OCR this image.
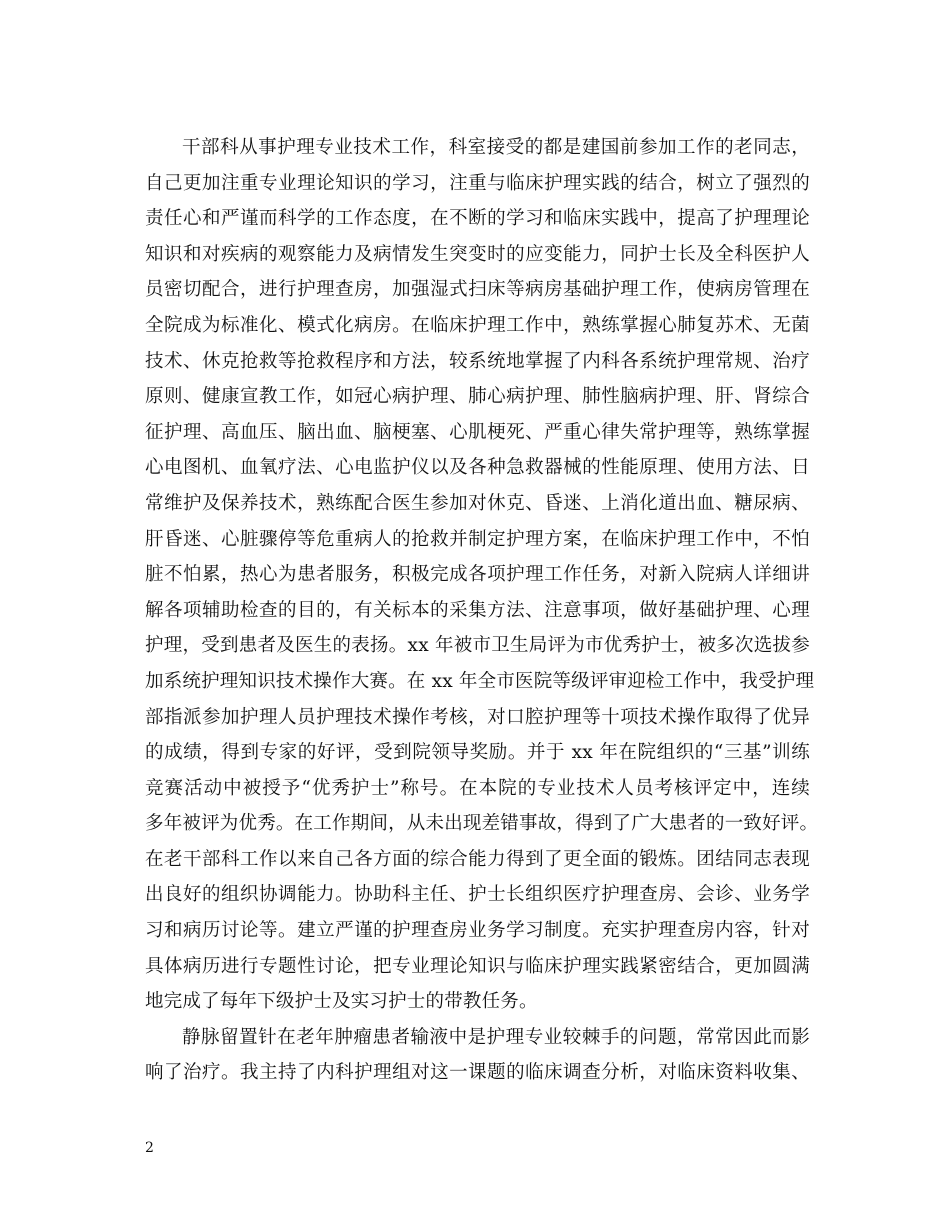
干部科从事护理专业技术工作，科室接受的都是建国前参加工作的老同志，
自己更加注重专业理论知识的学习，注重与临床护理实践的结合，树立了强烈的
责任心和严谨而科学的工作态度，在不断的学习和临床实践中，提高了护理理论
知识和对疾病的观察能力及病情发生突变时的应变能力，同护士长及全科医护人
员密切配合，进行护理查房，加强湿式扫床等病房基础护理工作，使病房管理在
全院成为标准化、模式化病房。在临床护理工作中，熟练掌握心肺复苏术、无菌
技术、休克抢救等抢救程序和方法，较系统地掌握了内科各系统护理常规、治疗
原则、健康宣教工作，如冠心病护理、肺心病护理、肺性脑病护理、肝、肾综合
征护理、高血压、脑出血、脑梗塞、心肌梗死、严重心律失常护理等，熟练掌握
心电图机、血氧疗法、心电监护仪以及各种急救器械的性能原理、使用方法、日
常维护及保养技术，熟练配合医生参加对休克、昏迷、上消化道出血、糖尿病、
肝昏迷、心脏骤停等危重病人的抢救并制定护理方案，在临床护理工作中，不怕
脏不怕累，热心为患者服务，积极完成各项护理工作任务，对新入院病人详细讲
解各项辅助检查的目的，有关标本的采集方法、注意事项，做好基础护理、心理
护理，受到患者及医生的表扬。xx 年被市卫生局评为市优秀护士，被多次选拔参
加系统护理知识技术操作大赛。在 xx 年全市医院等级评审迎检工作中，我受护理
部指派参加护理人员护理技术操作考核，对口腔护理等十项技术操作取得了优异
的成绩，得到专家的好评，受到院领导奖励。并于 xx 年在院组织的“三基”训练
竞赛活动中被授予“优秀护士”称号。在本院的专业技术人员考核评定中，连续
多年被评为优秀。在工作期间，从未出现差错事故，得到了广大患者的一致好评。
在老干部科工作以来自己各方面的综合能力得到了更全面的锻炼。团结同志表现
出良好的组织协调能力。协助科主任、护士长组织医疗护理查房、会诊、业务学
习和病历讨论等。建立严谨的护理查房业务学习制度。充实护理查房内容，针对
具体病历进行专题性讨论，把专业理论知识与临床护理实践紧密结合，更加圆满
地完成了每年下级护士及实习护士的带教任务。
静脉留置针在老年肿瘤患者输液中是护理专业较棘手的问题，常常因此而影
响了治疗。我主持了内科护理组对这一课题的临床调查分析，对临床资料收集、
2
